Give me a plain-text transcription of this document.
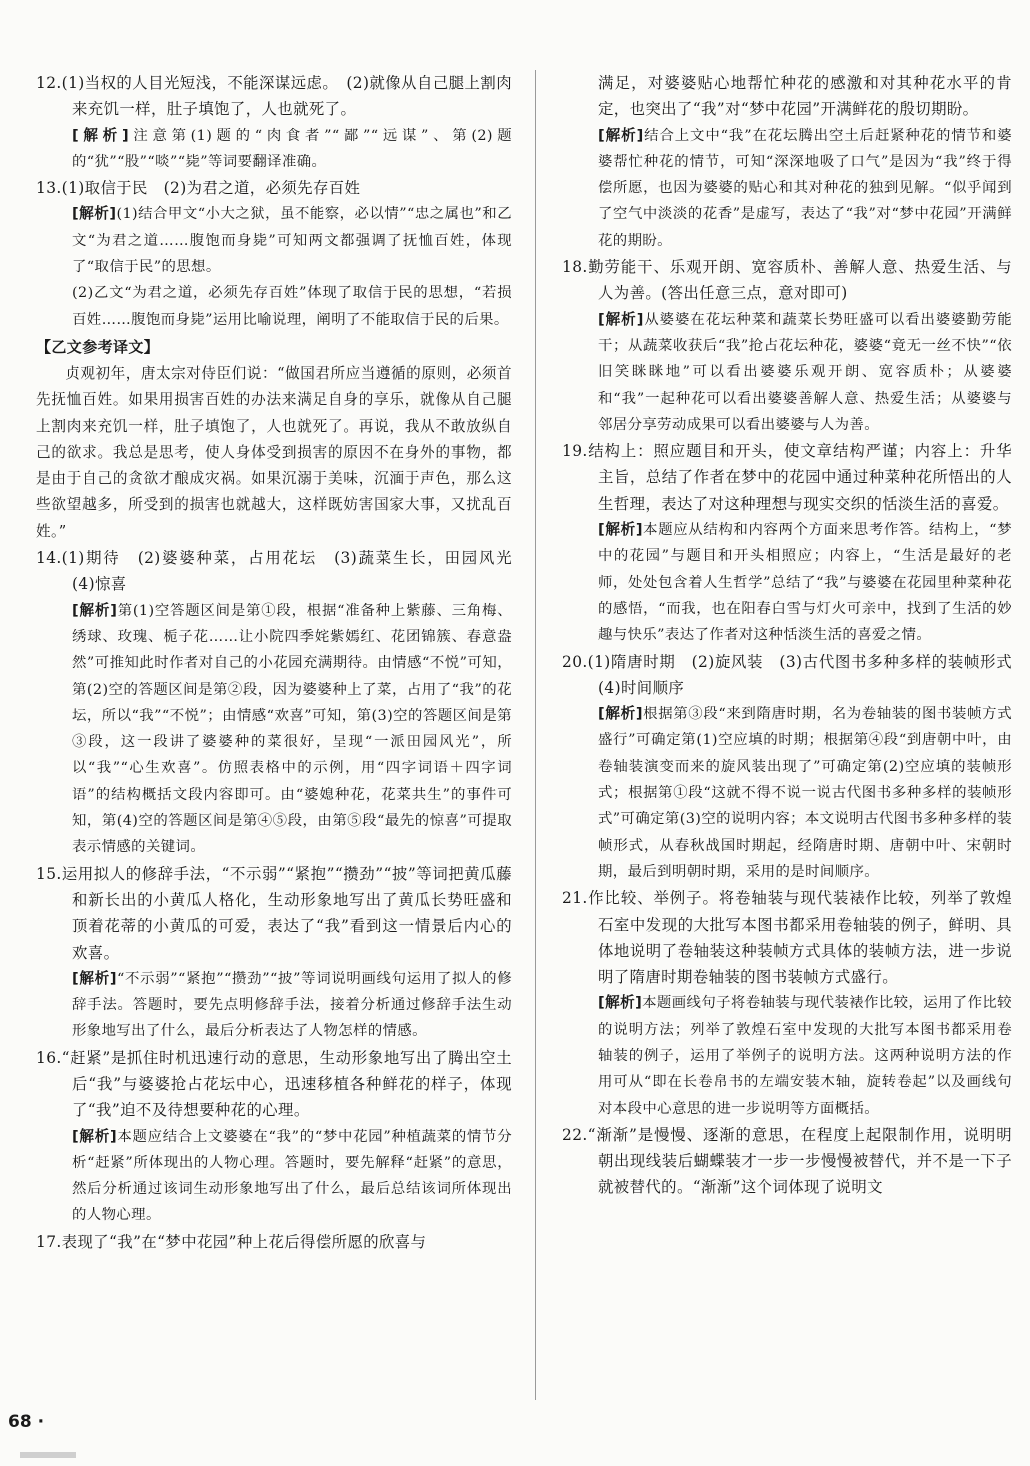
12.(1)当权的人目光短浅，不能深谋远虑。　(2)就像从自己腿上割肉来充饥一样，肚子填饱了，人也就死了。

[解析]注意第(1)题的“肉食者”“鄙”“远谋”、第(2)题的“犹”“股”“啖”“毙”等词要翻译准确。

13.(1)取信于民　(2)为君之道，必须先存百姓

[解析](1)结合甲文“小大之狱，虽不能察，必以情”“忠之属也”和乙文“为君之道……腹饱而身毙”可知两文都强调了抚恤百姓，体现了“取信于民”的思想。

(2)乙文“为君之道，必须先存百姓”体现了取信于民的思想，“若损百姓……腹饱而身毙”运用比喻说理，阐明了不能取信于民的后果。

【乙文参考译文】

贞观初年，唐太宗对侍臣们说：“做国君所应当遵循的原则，必须首先抚恤百姓。如果用损害百姓的办法来满足自身的享乐，就像从自己腿上割肉来充饥一样，肚子填饱了，人也就死了。再说，我从不敢放纵自己的欲求。我总是思考，使人身体受到损害的原因不在身外的事物，都是由于自己的贪欲才酿成灾祸。如果沉溺于美味，沉湎于声色，那么这些欲望越多，所受到的损害也就越大，这样既妨害国家大事，又扰乱百姓。”

14.(1)期待　(2)婆婆种菜，占用花坛　(3)蔬菜生长，田园风光　(4)惊喜

[解析]第(1)空答题区间是第①段，根据“准备种上紫藤、三角梅、绣球、玫瑰、栀子花……让小院四季姹紫嫣红、花团锦簇、春意盎然”可推知此时作者对自己的小花园充满期待。由情感“不悦”可知，第(2)空的答题区间是第②段，因为婆婆种上了菜，占用了“我”的花坛，所以“我”“不悦”；由情感“欢喜”可知，第(3)空的答题区间是第③段，这一段讲了婆婆种的菜很好，呈现“一派田园风光”，所以“我”“心生欢喜”。仿照表格中的示例，用“四字词语＋四字词语”的结构概括文段内容即可。由“婆媳种花，花菜共生”的事件可知，第(4)空的答题区间是第④⑤段，由第⑤段“最先的惊喜”可提取表示情感的关键词。

15.运用拟人的修辞手法，“不示弱”“紧抱”“攒劲”“披”等词把黄瓜藤和新长出的小黄瓜人格化，生动形象地写出了黄瓜长势旺盛和顶着花蒂的小黄瓜的可爱，表达了“我”看到这一情景后内心的欢喜。

[解析]“不示弱”“紧抱”“攒劲”“披”等词说明画线句运用了拟人的修辞手法。答题时，要先点明修辞手法，接着分析通过修辞手法生动形象地写出了什么，最后分析表达了人物怎样的情感。

16.“赶紧”是抓住时机迅速行动的意思，生动形象地写出了腾出空土后“我”与婆婆抢占花坛中心，迅速移植各种鲜花的样子，体现了“我”迫不及待想要种花的心理。

[解析]本题应结合上文婆婆在“我”的“梦中花园”种植蔬菜的情节分析“赶紧”所体现出的人物心理。答题时，要先解释“赶紧”的意思，然后分析通过该词生动形象地写出了什么，最后总结该词所体现出的人物心理。

17.表现了“我”在“梦中花园”种上花后得偿所愿的欣喜与

满足，对婆婆贴心地帮忙种花的感激和对其种花水平的肯定，也突出了“我”对“梦中花园”开满鲜花的殷切期盼。

[解析]结合上文中“我”在花坛腾出空土后赶紧种花的情节和婆婆帮忙种花的情节，可知“深深地吸了口气”是因为“我”终于得偿所愿，也因为婆婆的贴心和其对种花的独到见解。“似乎闻到了空气中淡淡的花香”是虚写，表达了“我”对“梦中花园”开满鲜花的期盼。

18.勤劳能干、乐观开朗、宽容质朴、善解人意、热爱生活、与人为善。(答出任意三点，意对即可)

[解析]从婆婆在花坛种菜和蔬菜长势旺盛可以看出婆婆勤劳能干；从蔬菜收获后“我”抢占花坛种花，婆婆“竟无一丝不快”“依旧笑眯眯地”可以看出婆婆乐观开朗、宽容质朴；从婆婆和“我”一起种花可以看出婆婆善解人意、热爱生活；从婆婆与邻居分享劳动成果可以看出婆婆与人为善。

19.结构上：照应题目和开头，使文章结构严谨；内容上：升华主旨，总结了作者在梦中的花园中通过种菜种花所悟出的人生哲理，表达了对这种理想与现实交织的恬淡生活的喜爱。

[解析]本题应从结构和内容两个方面来思考作答。结构上，“梦中的花园”与题目和开头相照应；内容上，“生活是最好的老师，处处包含着人生哲学”总结了“我”与婆婆在花园里种菜种花的感悟，“而我，也在阳春白雪与灯火可亲中，找到了生活的妙趣与快乐”表达了作者对这种恬淡生活的喜爱之情。

20.(1)隋唐时期　(2)旋风装　(3)古代图书多种多样的装帧形式　(4)时间顺序

[解析]根据第③段“来到隋唐时期，名为卷轴装的图书装帧方式盛行”可确定第(1)空应填的时期；根据第④段“到唐朝中叶，由卷轴装演变而来的旋风装出现了”可确定第(2)空应填的装帧形式；根据第①段“这就不得不说一说古代图书多种多样的装帧形式”可确定第(3)空的说明内容；本文说明古代图书多种多样的装帧形式，从春秋战国时期起，经隋唐时期、唐朝中叶、宋朝时期，最后到明朝时期，采用的是时间顺序。

21.作比较、举例子。将卷轴装与现代装裱作比较，列举了敦煌石室中发现的大批写本图书都采用卷轴装的例子，鲜明、具体地说明了卷轴装这种装帧方式具体的装帧方法，进一步说明了隋唐时期卷轴装的图书装帧方式盛行。

[解析]本题画线句子将卷轴装与现代装裱作比较，运用了作比较的说明方法；列举了敦煌石室中发现的大批写本图书都采用卷轴装的例子，运用了举例子的说明方法。这两种说明方法的作用可从“即在长卷帛书的左端安装木轴，旋转卷起”以及画线句对本段中心意思的进一步说明等方面概括。

22.“渐渐”是慢慢、逐渐的意思，在程度上起限制作用，说明明朝出现线装后蝴蝶装才一步一步慢慢被替代，并不是一下子就被替代的。“渐渐”这个词体现了说明文

68 ·
